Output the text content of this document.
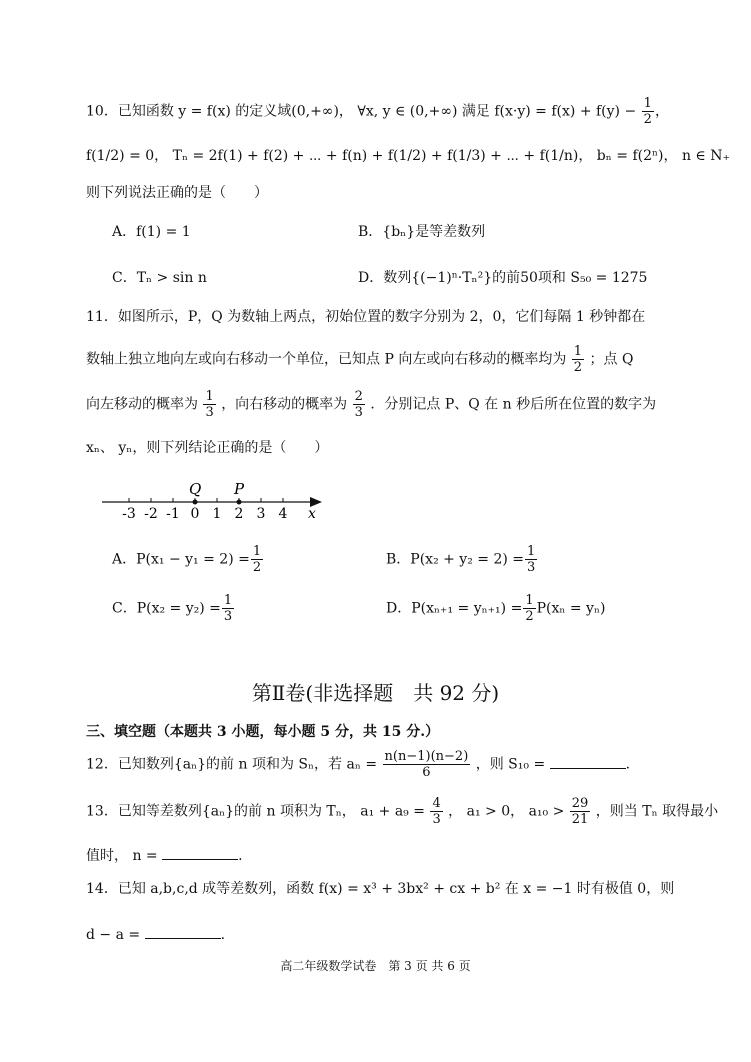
10．已知函数 y = f(x) 的定义域(0,+∞)， ∀x, y ∈ (0,+∞) 满足 $f(x\cdot y) = f(x) + f(y) - \frac{1}{2}$ ，
f(1/2) = 0， Tₙ = 2f(1) + f(2) + ⋯ + f(n) + f(1/2) + f(1/3) + ⋯ + f(1/n)， bₙ = f(2ⁿ)， n ∈ N₊
则下列说法正确的是（　　）
A．f(1) = 1	B．{bₙ}是等差数列
C．Tₙ > sin n	D．数列{(−1)ⁿ·Tₙ²}的前50项和 S₅₀ = 1275
11．如图所示，P，Q 为数轴上两点，初始位置的数字分别为 2，0，它们每隔 1 秒钟都在
数轴上独立地向左或向右移动一个单位，已知点 P 向左或向右移动的概率均为 $\frac{1}{2}$ ；点 Q
向左移动的概率为 $\frac{1}{3}$ ，向右移动的概率为 $\frac{2}{3}$ ．分别记点 P、Q 在 n 秒后所在位置的数字为
xₙ、 yₙ，则下列结论正确的是（　　）
-3 -2 -1 0 1 2 3 4
Q P
x
A．$P(x_1 - y_1 = 2) = \frac{1}{2}$	B．$P(x_2 + y_2 = 2) = \frac{1}{3}$
C．$P(x_2 = y_2) = \frac{1}{3}$	D．$P(x_{n+1} = y_{n+1}) = \frac{1}{2} P(x_n = y_n)$
第Ⅱ卷(非选择题　共 92 分)
三、填空题（本题共 3 小题，每小题 5 分，共 15 分.）
12．已知数列{aₙ}的前 n 项和为 Sₙ，若 $a_n = \frac{n(n-1)(n-2)}{6}$ ，则 S₁₀ =	.
13．已知等差数列{aₙ}的前 n 项积为 Tₙ， $a_1 + a_9 = \frac{4}{3}$ ， a₁ > 0， $a_{10} > \frac{29}{21}$ ，则当 Tₙ 取得最小
值时， n =	.
14．已知 a,b,c,d 成等差数列，函数 f(x) = x³ + 3bx² + cx + b² 在 x = −1 时有极值 0，则
d − a =	.
高二年级数学试卷　第 3 页 共 6 页
